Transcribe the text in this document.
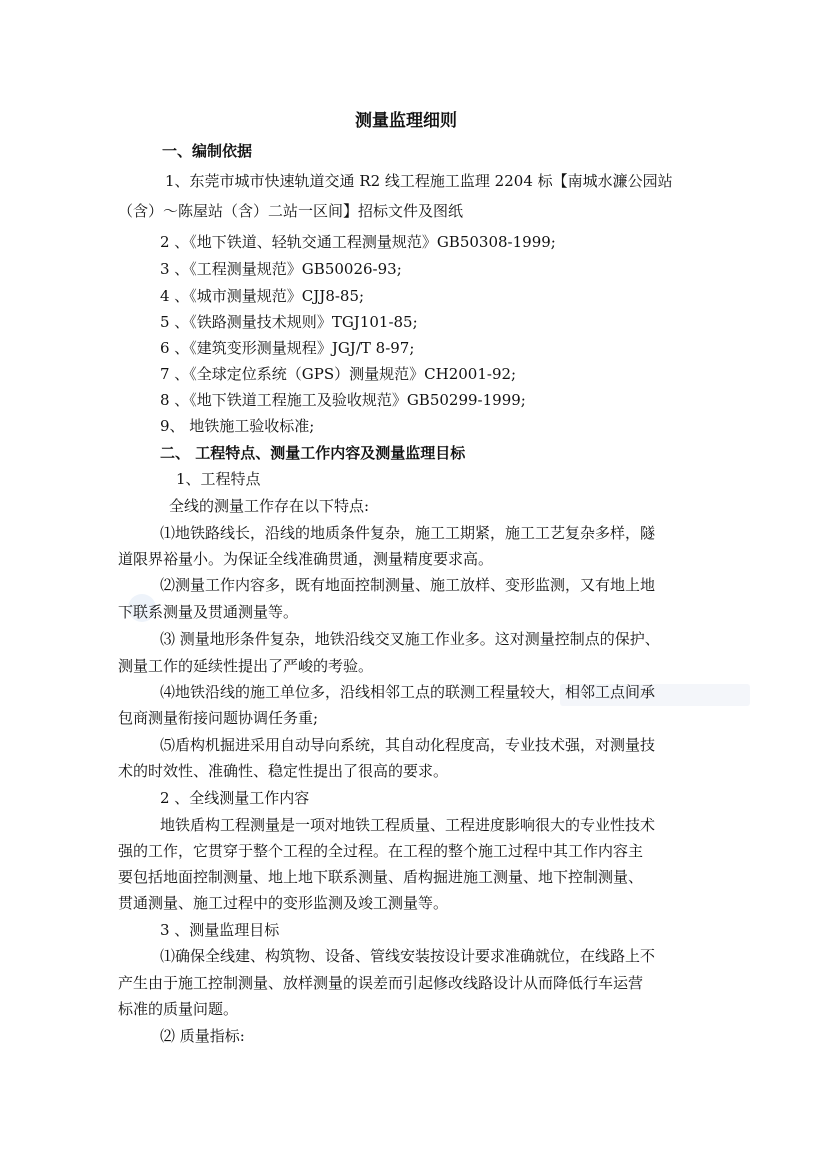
测量监理细则
一、编制依据
1、东莞市城市快速轨道交通 R2 线工程施工监理 2204 标【南城水濂公园站
（含）～陈屋站（含）二站一区间】招标文件及图纸
2 、《地下铁道、轻轨交通工程测量规范》GB50308-1999;
3 、《工程测量规范》GB50026-93;
4 、《城市测量规范》CJJ8-85;
5 、《铁路测量技术规则》TGJ101-85;
6 、《建筑变形测量规程》JGJ/T 8-97;
7 、《全球定位系统（GPS）测量规范》CH2001-92;
8 、《地下铁道工程施工及验收规范》GB50299-1999;
9、 地铁施工验收标准;
二、 工程特点、测量工作内容及测量监理目标
1、工程特点
全线的测量工作存在以下特点:
⑴地铁路线长，沿线的地质条件复杂，施工工期紧，施工工艺复杂多样，隧
道限界裕量小。为保证全线准确贯通，测量精度要求高。
⑵测量工作内容多，既有地面控制测量、施工放样、变形监测，又有地上地
下联系测量及贯通测量等。
⑶ 测量地形条件复杂，地铁沿线交叉施工作业多。这对测量控制点的保护、
测量工作的延续性提出了严峻的考验。
⑷地铁沿线的施工单位多，沿线相邻工点的联测工程量较大，相邻工点间承
包商测量衔接问题协调任务重;
⑸盾构机掘进采用自动导向系统，其自动化程度高，专业技术强，对测量技
术的时效性、准确性、稳定性提出了很高的要求。
2 、全线测量工作内容
地铁盾构工程测量是一项对地铁工程质量、工程进度影响很大的专业性技术
强的工作，它贯穿于整个工程的全过程。在工程的整个施工过程中其工作内容主
要包括地面控制测量、地上地下联系测量、盾构掘进施工测量、地下控制测量、
贯通测量、施工过程中的变形监测及竣工测量等。
3 、测量监理目标
⑴确保全线建、构筑物、设备、管线安装按设计要求准确就位，在线路上不
产生由于施工控制测量、放样测量的误差而引起修改线路设计从而降低行车运营
标准的质量问题。
⑵ 质量指标:
